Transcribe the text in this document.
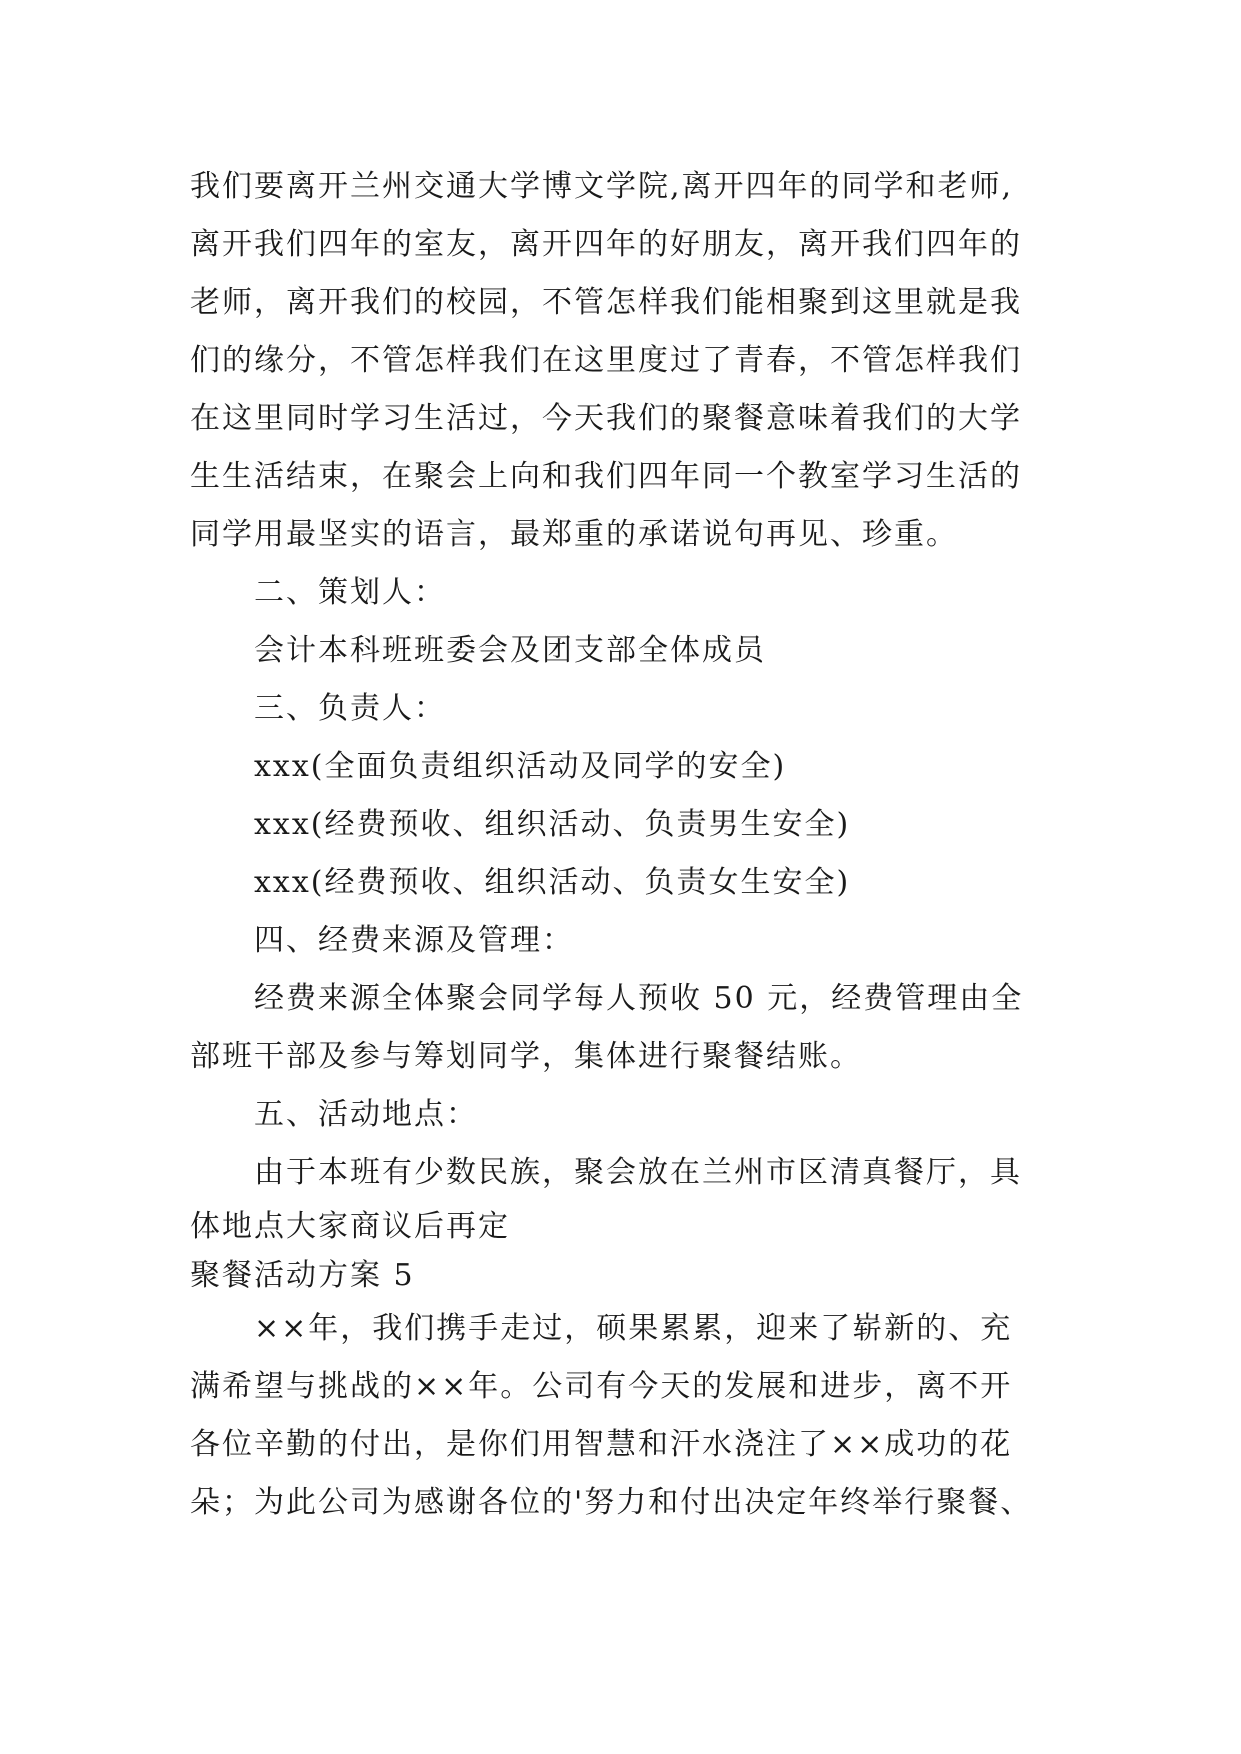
我们要离开兰州交通大学博文学院,离开四年的同学和老师,
离开我们四年的室友，离开四年的好朋友，离开我们四年的
老师，离开我们的校园，不管怎样我们能相聚到这里就是我
们的缘分，不管怎样我们在这里度过了青春，不管怎样我们
在这里同时学习生活过，今天我们的聚餐意味着我们的大学
生生活结束，在聚会上向和我们四年同一个教室学习生活的
同学用最坚实的语言，最郑重的承诺说句再见、珍重。
二、策划人：
会计本科班班委会及团支部全体成员
三、负责人：
xxx(全面负责组织活动及同学的安全)
xxx(经费预收、组织活动、负责男生安全)
xxx(经费预收、组织活动、负责女生安全)
四、经费来源及管理：
经费来源全体聚会同学每人预收 50 元，经费管理由全
部班干部及参与筹划同学，集体进行聚餐结账。
五、活动地点：
由于本班有少数民族，聚会放在兰州市区清真餐厅，具
体地点大家商议后再定
聚餐活动方案 5
××年，我们携手走过，硕果累累，迎来了崭新的、充
满希望与挑战的××年。公司有今天的发展和进步，离不开
各位辛勤的付出，是你们用智慧和汗水浇注了××成功的花
朵；为此公司为感谢各位的'努力和付出决定年终举行聚餐、
